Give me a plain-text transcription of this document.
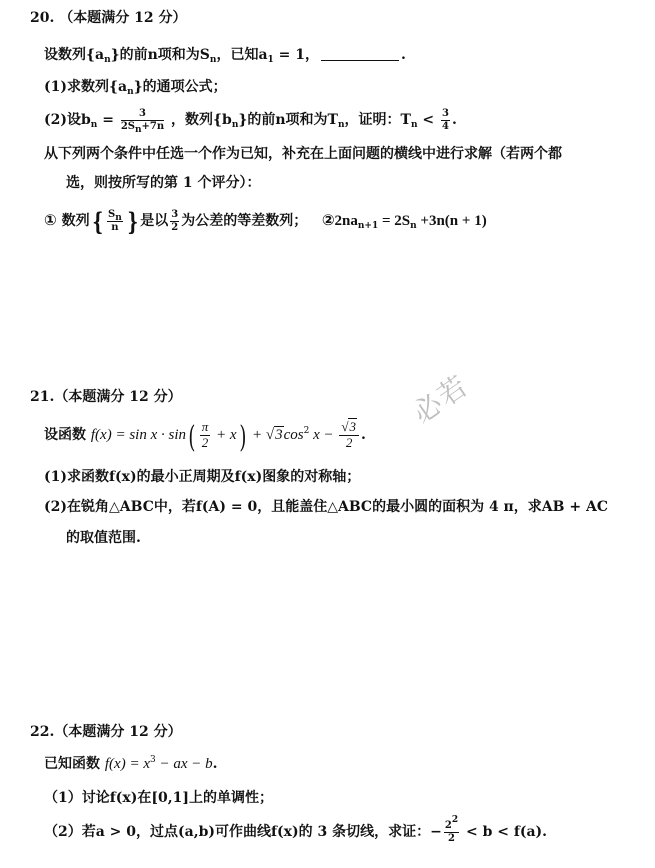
20. （本题满分 12 分）
设数列$\{a_n\}$的前n项和为$S_n$，已知$a_1 = 1$，	.
(1)求数列$\{a_n\}$的通项公式；
(2)设$b_n = \frac{3}{2S_n+7n}$ ，数列$\{b_n\}$的前n项和为$T_n$，证明：$T_n < \frac{3}{4}$ .
从下列两个条件中任选一个作为已知，补充在上面问题的横线中进行求解（若两个都
选，则按所写的第 1 个评分）：
① 数列{ $\frac{S_n}{n}$ } 是以 $\frac{3}{2}$ 为公差的等差数列； $②2na_{n+1} = 2S_n +3n(n + 1)$
21.（本题满分 12 分）	必若
设函数 $f(x) = \sin x \cdot \sin( \frac{\pi}{2} + x) + √3\cos^2$ $x - \frac{√3}{2}$ .
(1)求函数f(x)的最小正周期及f(x)图象的对称轴；
(2)在锐角△ABC中，若f(A) = 0，且能盖住△ABC的最小圆的面积为 4 π，求AB + AC
的取值范围.
22.（本题满分 12 分）
已知函数 $f(x) = x^3$ − ax − b.
（1）讨论f(x)在[0,1]上的单调性；
（2）若a > 0，过点(a,b)可作曲线f(x)的 3 条切线，求证：− $\frac{2^2}{2} < b < f(a)$.
